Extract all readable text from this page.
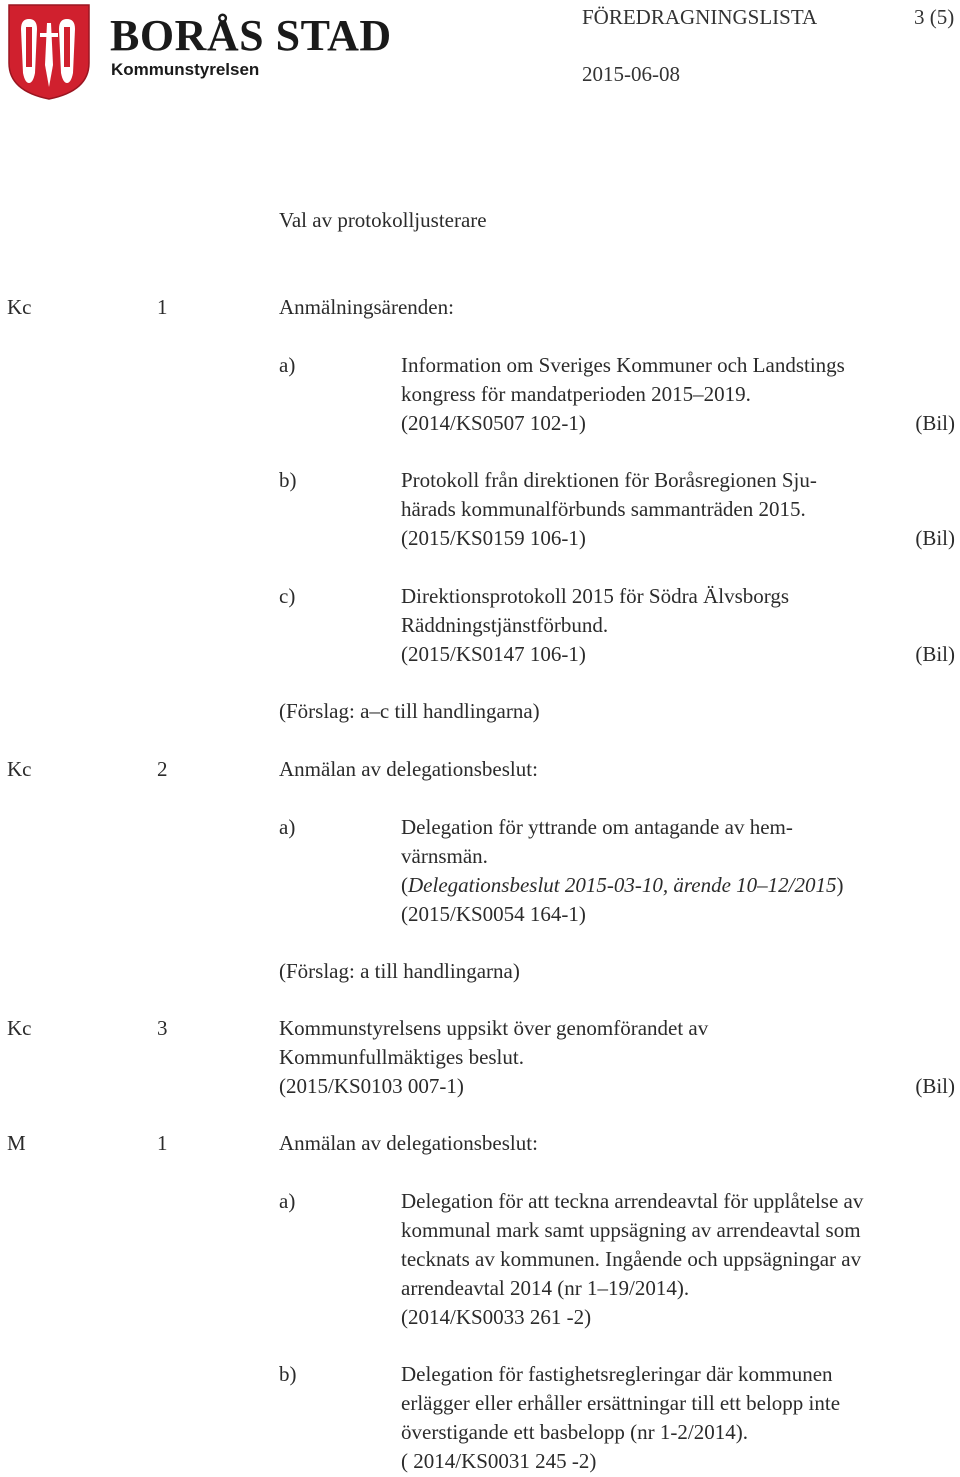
BORÅS STAD
Kommunstyrelsen
FÖREDRAGNINGSLISTA	3 (5)
2015-06-08
Val av protokolljusterare
Kc	1	Anmälningsärenden:
a)	Information om Sveriges Kommuner och Landstings
kongress för mandatperioden 2015–2019.
(2014/KS0507 102-1)	(Bil)
b)	Protokoll från direktionen för Boråsregionen Sju-
härads kommunalförbunds sammanträden 2015.
(2015/KS0159 106-1)	(Bil)
c)	Direktionsprotokoll 2015 för Södra Älvsborgs
Räddningstjänstförbund.
(2015/KS0147 106-1)	(Bil)
(Förslag: a–c till handlingarna)
Kc	2	Anmälan av delegationsbeslut:
a)	Delegation för yttrande om antagande av hem-
värnsmän.
(Delegationsbeslut 2015-03-10, ärende 10–12/2015)
(2015/KS0054 164-1)
(Förslag: a till handlingarna)
Kc	3	Kommunstyrelsens uppsikt över genomförandet av
Kommunfullmäktiges beslut.
(2015/KS0103 007-1)	(Bil)
M	1	Anmälan av delegationsbeslut:
a)	Delegation för att teckna arrendeavtal för upplåtelse av
kommunal mark samt uppsägning av arrendeavtal som
tecknats av kommunen. Ingående och uppsägningar av
arrendeavtal 2014 (nr 1–19/2014).
(2014/KS0033 261 -2)
b)	Delegation för fastighetsregleringar där kommunen
erlägger eller erhåller ersättningar till ett belopp inte
överstigande ett basbelopp (nr 1-2/2014).
( 2014/KS0031 245 -2)
